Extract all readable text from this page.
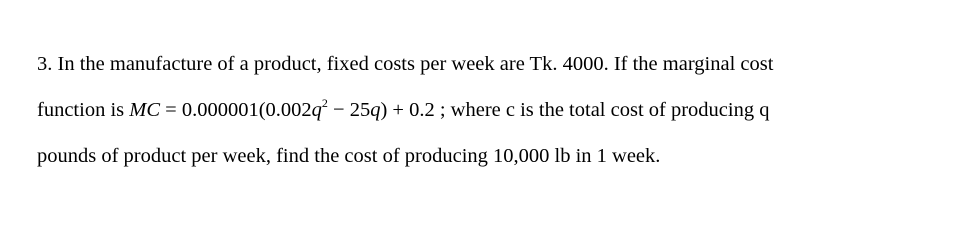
3. In the manufacture of a product, fixed costs per week are Tk. 4000. If the marginal cost
function is MC = $0.000001(0.002q^2 - 25q) + 0.2$ ; where c is the total cost of producing q
pounds of product per week, find the cost of producing 10,000 lb in 1 week.
